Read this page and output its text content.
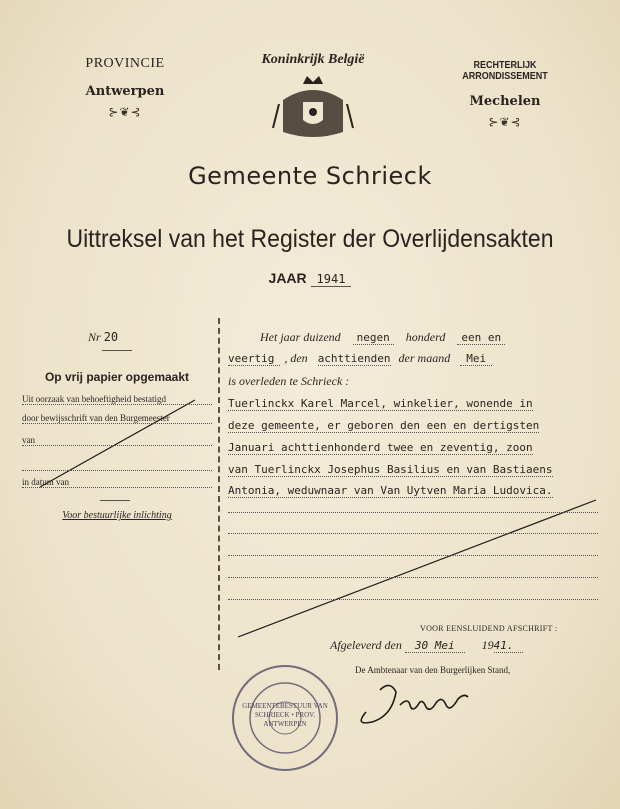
PROVINCIE
Antwerpen
⊱❦⊰
Koninkrijk België	RECHTERLIJK ARRONDISSEMENT
Mechelen
⊱❦⊰
Gemeente Schrieck
Uittreksel van het Register der Overlijdensakten
JAAR 1941
Nr 20
Op vrij papier opgemaakt
Uit oorzaak van behoeftigheid bestatigd
door bewijsschrift van den Burgemeester
van
in datum van
Voor bestuurlijke inlichting
Het jaar duizend negen honderd een en
veertig , den achttienden der maand Mei
is overleden te Schrieck :
Tuerlinckx Karel Marcel, winkelier, wonende in
deze gemeente, er geboren den een en dertigsten
Januari achttienhonderd twee en zeventig, zoon
van Tuerlinckx Josephus Basilius en van Bastiaens
Antonia, weduwnaar van Van Uytven Maria Ludovica.
VOOR EENSLUIDEND AFSCHRIFT :
Afgeleverd den 30 Mei 1941.
De Ambtenaar van den Burgerlijken Stand,
GEMEENTEBESTUUR VAN SCHRIECK • PROV. ANTWERPEN
